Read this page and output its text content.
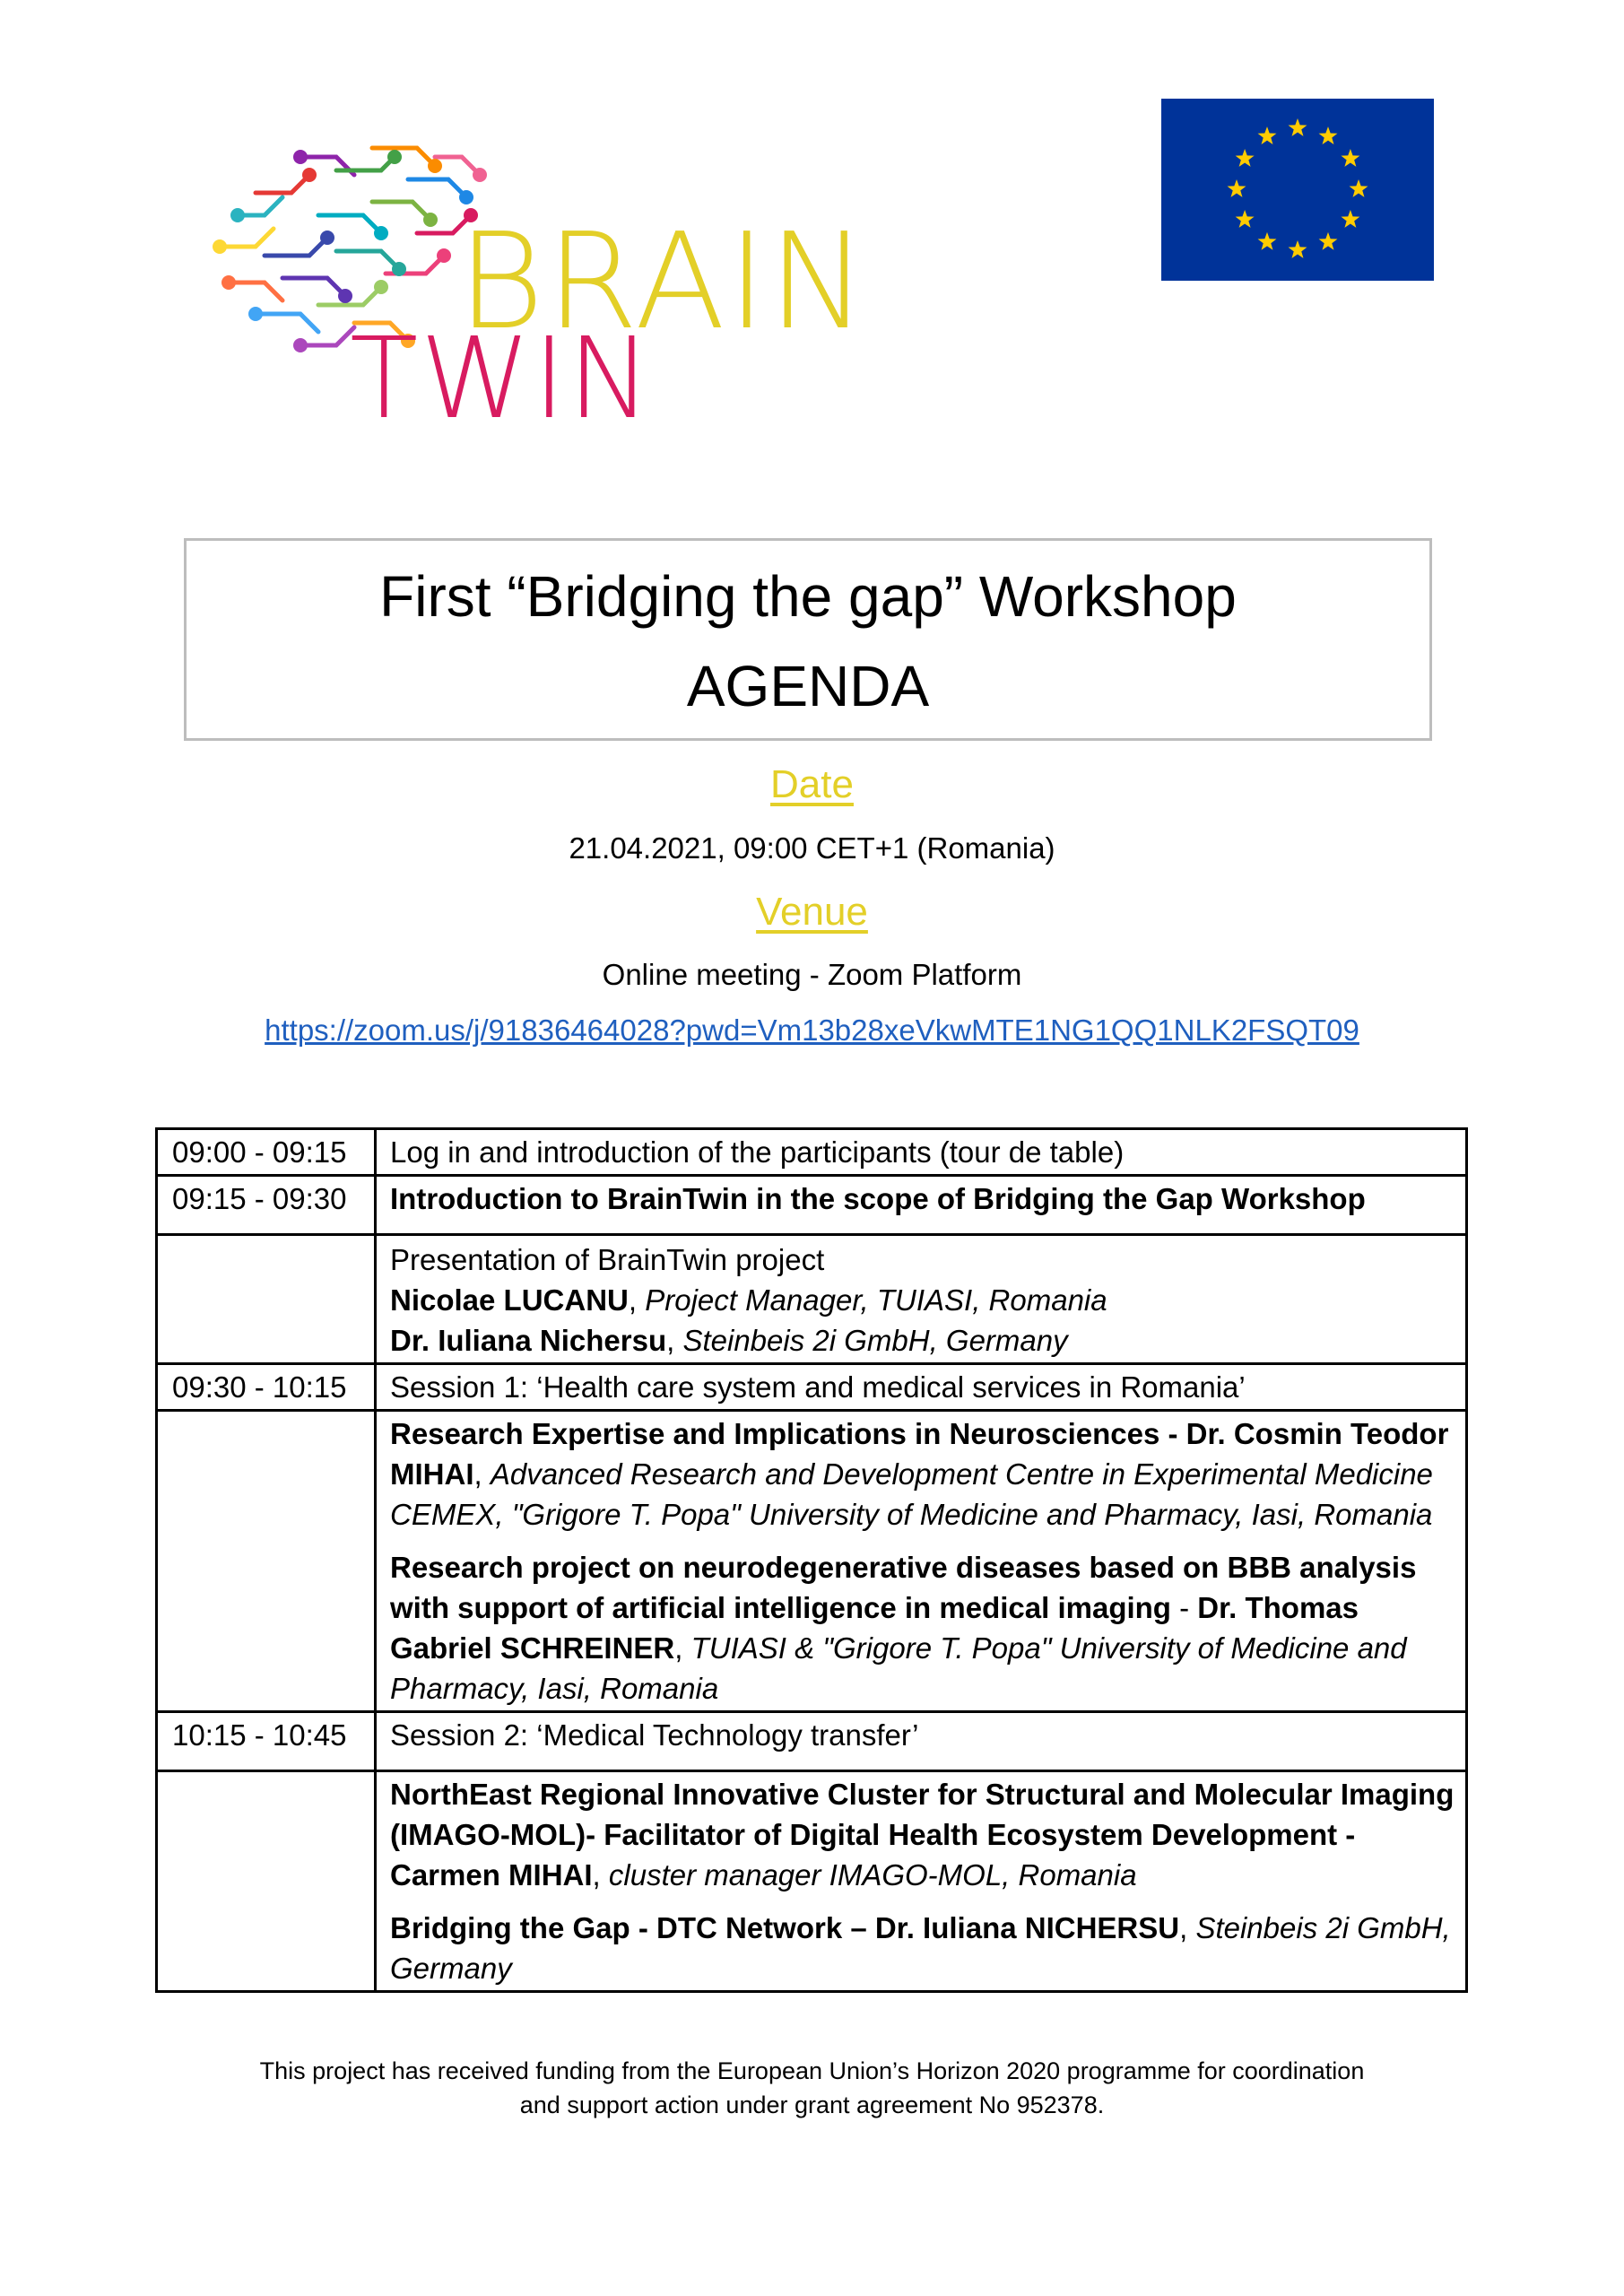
BRAIN
TWIN
First “Bridging the gap” Workshop
AGENDA
Date
21.04.2021, 09:00 CET+1 (Romania)
Venue
Online meeting - Zoom Platform
https://zoom.us/j/91836464028?pwd=Vm13b28xeVkwMTE1NG1QQ1NLK2FSQT09
09:00 - 09:15	Log in and introduction of the participants (tour de table)
09:15 - 09:30	Introduction to BrainTwin in the scope of Bridging the Gap Workshop

	Presentation of BrainTwin project
Nicolae LUCANU, Project Manager, TUIASI, Romania
Dr. Iuliana Nichersu, Steinbeis 2i GmbH, Germany

09:30 - 10:15	Session 1: ‘Health care system and medical services in Romania’

	Research Expertise and Implications in Neurosciences - Dr. Cosmin Teodor MIHAI, Advanced Research and Development Centre in Experimental Medicine CEMEX, "Grigore T. Popa" University of Medicine and Pharmacy, Iasi, Romania
Research project on neurodegenerative diseases based on BBB analysis with support of artificial intelligence in medical imaging - Dr. Thomas Gabriel SCHREINER, TUIASI & "Grigore T. Popa" University of Medicine and Pharmacy, Iasi, Romania

10:15 - 10:45	Session 2: ‘Medical Technology transfer’

	NorthEast Regional Innovative Cluster for Structural and Molecular Imaging (IMAGO-MOL)- Facilitator of Digital Health Ecosystem Development - Carmen MIHAI, cluster manager IMAGO-MOL, Romania
Bridging the Gap - DTC Network – Dr. Iuliana NICHERSU, Steinbeis 2i GmbH, Germany
This project has received funding from the European Union’s Horizon 2020 programme for coordination
and support action under grant agreement No 952378.
